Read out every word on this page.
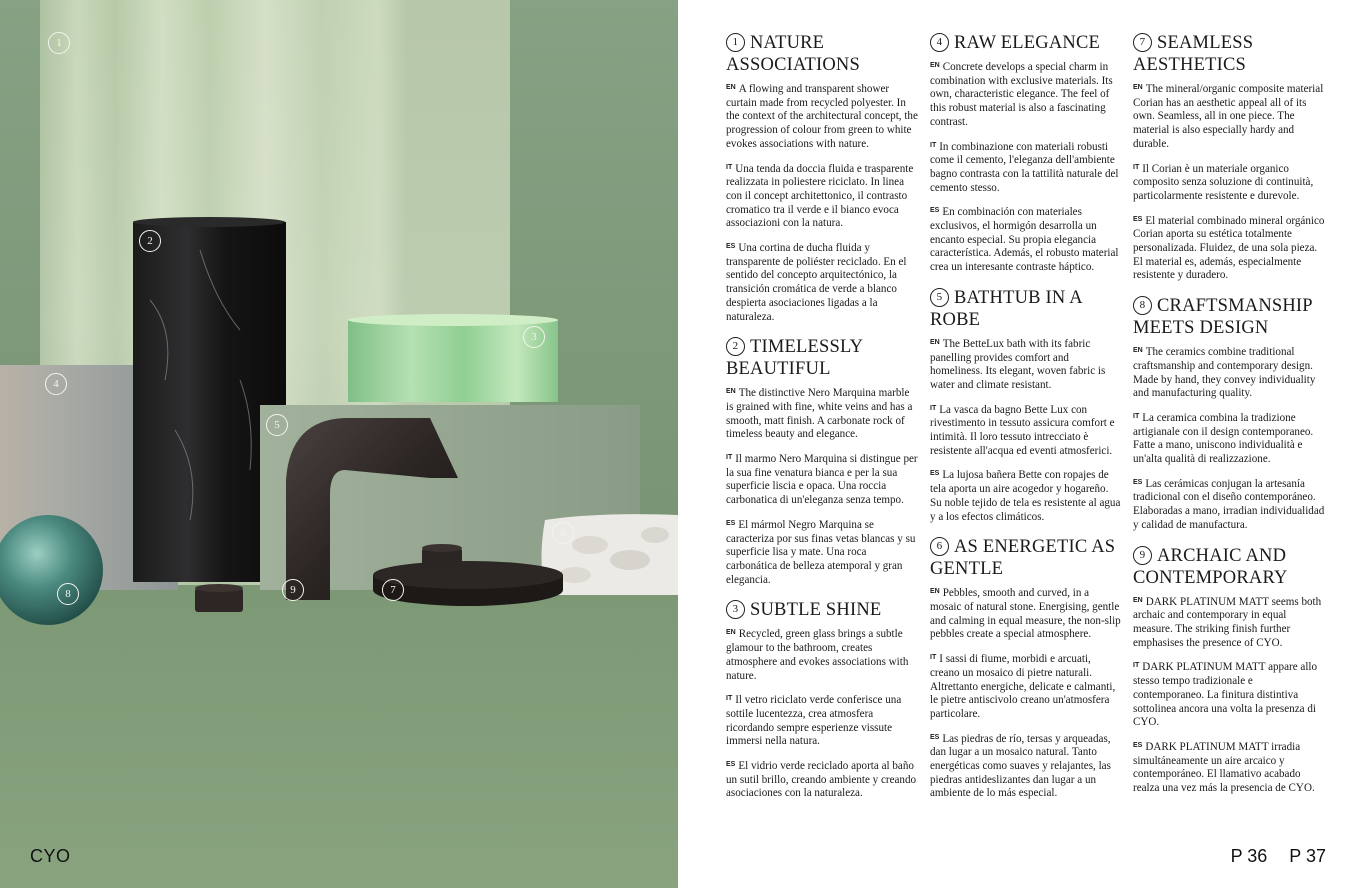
1
2
3
4
5
6
7
8	9
CYO
1 NATURE ASSOCIATIONS

$^{EN}$ A flowing and transparent shower curtain made from recycled polyester. In the context of the architectural concept, the progression of colour from green to white evokes associations with nature.

$^{IT}$ Una tenda da doccia fluida e trasparente realizzata in poliestere riciclato. In linea con il concept architettonico, il contrasto cromatico tra il verde e il bianco evoca associazioni con la natura.

$^{ES}$ Una cortina de ducha fluida y transparente de poliéster reciclado. En el sentido del concepto arquitectónico, la transición cromática de verde a blanco despierta asociaciones ligadas a la naturaleza.

2 TIMELESSLY BEAUTIFUL

$^{EN}$ The distinctive Nero Marquina marble is grained with fine, white veins and has a smooth, matt finish. A carbonate rock of timeless beauty and elegance.

$^{IT}$ Il marmo Nero Marquina si distingue per la sua fine venatura bianca e per la sua superficie liscia e opaca. Una roccia carbonatica di un'eleganza senza tempo.

$^{ES}$ El mármol Negro Marquina se caracteriza por sus finas vetas blancas y su superficie lisa y mate. Una roca carbonática de belleza atemporal y gran elegancia.

3 SUBTLE SHINE

$^{EN}$ Recycled, green glass brings a subtle glamour to the bathroom, creates atmosphere and evokes associations with nature.

$^{IT}$ Il vetro riciclato verde conferisce una sottile lucentezza, crea atmosfera ricordando sempre esperienze vissute immersi nella natura.

$^{ES}$ El vidrio verde reciclado aporta al baño un sutil brillo, creando ambiente y creando asociaciones con la naturaleza.

4 RAW ELEGANCE

$^{EN}$ Concrete develops a special charm in combination with exclusive materials. Its own, characteristic elegance. The feel of this robust material is also a fascinating contrast.

$^{IT}$ In combinazione con materiali robusti come il cemento, l'eleganza dell'ambiente bagno contrasta con la tattilità naturale del cemento stesso.

$^{ES}$ En combinación con materiales exclusivos, el hormigón desarrolla un encanto especial. Su propia elegancia característica. Además, el robusto material crea un interesante contraste háptico.

5 BATHTUB IN A ROBE

$^{EN}$ The BetteLux bath with its fabric panelling provides comfort and homeliness. Its elegant, woven fabric is water and climate resistant.

$^{IT}$ La vasca da bagno Bette Lux con rivestimento in tessuto assicura comfort e intimità. Il loro tessuto intrecciato è resistente all'acqua ed eventi atmosferici.

$^{ES}$ La lujosa bañera Bette con ropajes de tela aporta un aire acogedor y hogareño. Su noble tejido de tela es resistente al agua y a los efectos climáticos.

6 AS ENERGETIC AS GENTLE

$^{EN}$ Pebbles, smooth and curved, in a mosaic of natural stone. Energising, gentle and calming in equal measure, the non-slip pebbles create a special atmosphere.

$^{IT}$ I sassi di fiume, morbidi e arcuati, creano un mosaico di pietre naturali. Altrettanto energiche, delicate e calmanti, le pietre antiscivolo creano un'atmosfera particolare.

$^{ES}$ Las piedras de río, tersas y arqueadas, dan lugar a un mosaico natural. Tanto energéticas como suaves y relajantes, las piedras antideslizantes dan lugar a un ambiente de lo más especial.

7 SEAMLESS AESTHETICS

$^{EN}$ The mineral/organic composite material Corian has an aesthetic appeal all of its own. Seamless, all in one piece. The material is also especially hardy and durable.

$^{IT}$ Il Corian è un materiale organico composito senza soluzione di continuità, particolarmente resistente e durevole.

$^{ES}$ El material combinado mineral orgánico Corian aporta su estética totalmente personalizada. Fluidez, de una sola pieza. El material es, además, especialmente resistente y duradero.

8 CRAFTSMANSHIP MEETS DESIGN

$^{EN}$ The ceramics combine traditional craftsmanship and contemporary design. Made by hand, they convey individuality and manufacturing quality.

$^{IT}$ La ceramica combina la tradizione artigianale con il design contemporaneo. Fatte a mano, uniscono individualità e un'alta qualità di realizzazione.

$^{ES}$ Las cerámicas conjugan la artesanía tradicional con el diseño contemporáneo. Elaboradas a mano, irradian individualidad y calidad de manufactura.

9 ARCHAIC AND CONTEMPORARY

$^{EN}$ DARK PLATINUM MATT seems both archaic and contemporary in equal measure. The striking finish further emphasises the presence of CYO.

$^{IT}$ DARK PLATINUM MATT appare allo stesso tempo tradizionale e contemporaneo. La finitura distintiva sottolinea ancora una volta la presenza di CYO.

$^{ES}$ DARK PLATINUM MATT irradia simultáneamente un aire arcaico y contemporáneo. El llamativo acabado realza una vez más la presencia de CYO.

P 36 P 37
